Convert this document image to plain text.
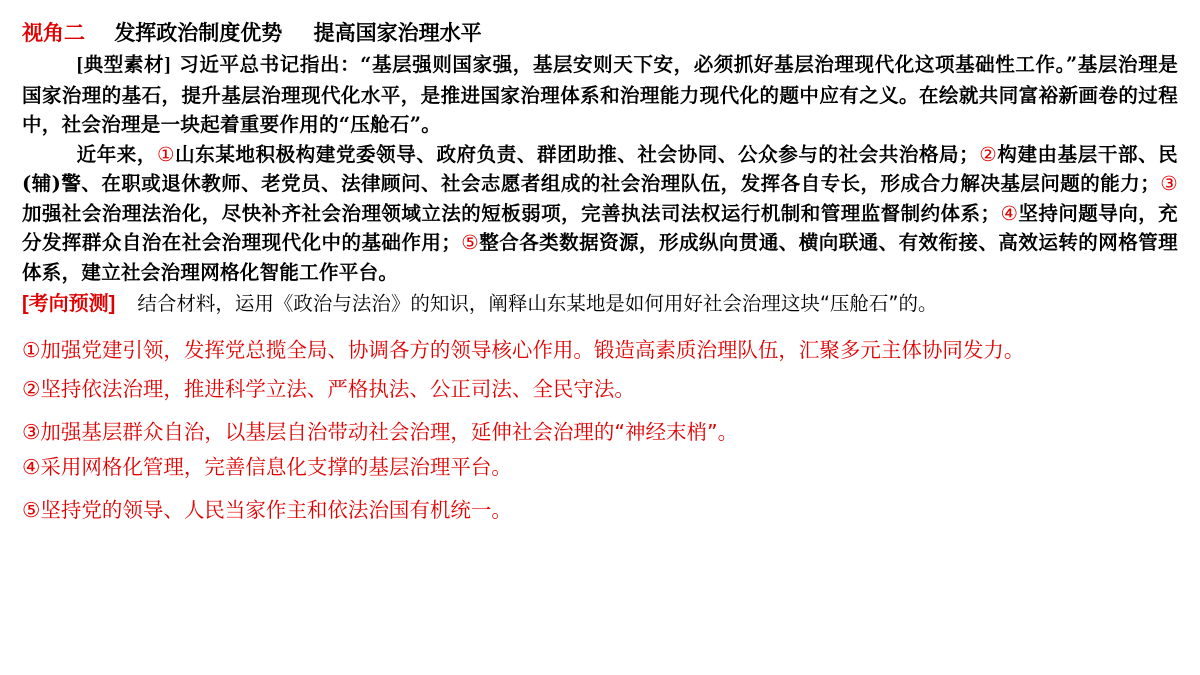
视角二 发挥政治制度优势 提高国家治理水平

[典型素材] 习近平总书记指出：“基层强则国家强，基层安则天下安，必须抓好基层治理现代化这项基础性工作。”基层治理是国家治理的基石，提升基层治理现代化水平，是推进国家治理体系和治理能力现代化的题中应有之义。在绘就共同富裕新画卷的过程中，社会治理是一块起着重要作用的“压舱石”。

近年来，①山东某地积极构建党委领导、政府负责、群团助推、社会协同、公众参与的社会共治格局；②构建由基层干部、民(辅)警、在职或退休教师、老党员、法律顾问、社会志愿者组成的社会治理队伍，发挥各自专长，形成合力解决基层问题的能力；③加强社会治理法治化，尽快补齐社会治理领域立法的短板弱项，完善执法司法权运行机制和管理监督制约体系；④坚持问题导向，充分发挥群众自治在社会治理现代化中的基础作用；⑤整合各类数据资源，形成纵向贯通、横向联通、有效衔接、高效运转的网格管理体系，建立社会治理网格化智能工作平台。

[考向预测] 结合材料，运用《政治与法治》的知识，阐释山东某地是如何用好社会治理这块“压舱石”的。

①加强党建引领，发挥党总揽全局、协调各方的领导核心作用。锻造高素质治理队伍，汇聚多元主体协同发力。

②坚持依法治理，推进科学立法、严格执法、公正司法、全民守法。

③加强基层群众自治，以基层自治带动社会治理，延伸社会治理的“神经末梢”。

④采用网格化管理，完善信息化支撑的基层治理平台。

⑤坚持党的领导、人民当家作主和依法治国有机统一。
